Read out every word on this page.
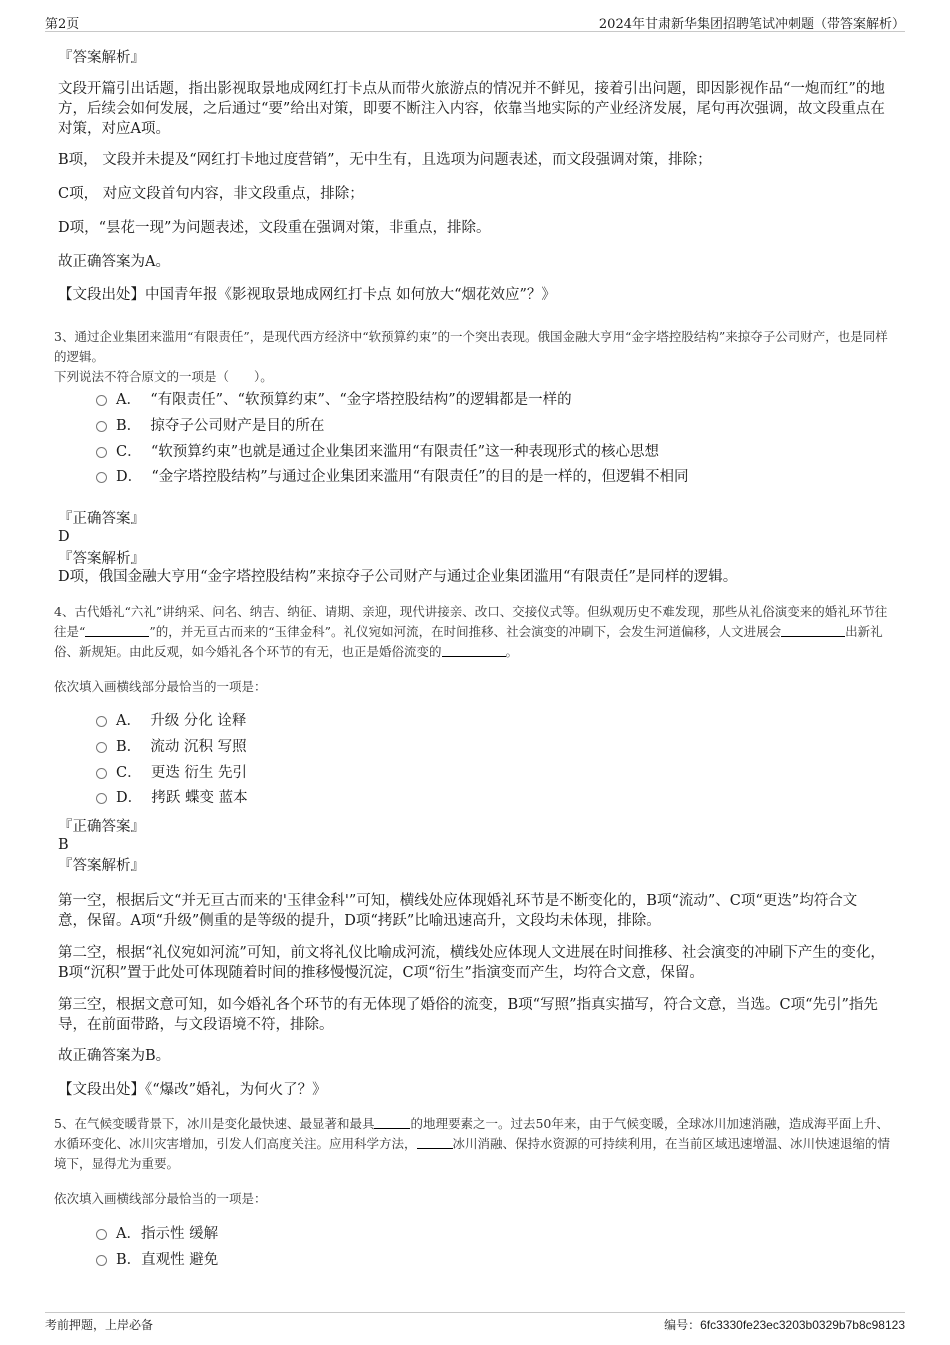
第2页	2024年甘肃新华集团招聘笔试冲刺题（带答案解析）
『答案解析』

文段开篇引出话题，指出影视取景地成网红打卡点从而带火旅游点的情况并不鲜见，接着引出问题，即因影视作品“一炮而红”的地方，后续会如何发展，之后通过“要”给出对策，即要不断注入内容，依靠当地实际的产业经济发展，尾句再次强调，故文段重点在对策，对应A项。

B项， 文段并未提及“网红打卡地过度营销”，无中生有，且选项为问题表述，而文段强调对策，排除；

C项， 对应文段首句内容，非文段重点，排除；

D项，“昙花一现”为问题表述，文段重在强调对策，非重点，排除。

故正确答案为A。

【文段出处】中国青年报《影视取景地成网红打卡点 如何放大“烟花效应”？》

3、通过企业集团来滥用“有限责任”，是现代西方经济中“软预算约束”的一个突出表现。俄国金融大亨用“金字塔控股结构”来掠夺子公司财产，也是同样的逻辑。

下列说法不符合原文的一项是（　　）。

A． “有限责任”、“软预算约束”、“金字塔控股结构”的逻辑都是一样的
B． 掠夺子公司财产是目的所在
C． “软预算约束”也就是通过企业集团来滥用“有限责任”这一种表现形式的核心思想
D． “金字塔控股结构”与通过企业集团来滥用“有限责任”的目的是一样的，但逻辑不相同
『正确答案』
D
『答案解析』

D项，俄国金融大亨用“金字塔控股结构”来掠夺子公司财产与通过企业集团滥用“有限责任”是同样的逻辑。

4、古代婚礼“六礼”讲纳采、问名、纳吉、纳征、请期、亲迎，现代讲接亲、改口、交接仪式等。但纵观历史不难发现，那些从礼俗演变来的婚礼环节往往是“	”的，并无亘古而来的“玉律金科”。礼仪宛如河流，在时间推移、社会演变的冲刷下，会发生河道偏移，人文进展会	出新礼俗、新规矩。由此反观，如今婚礼各个环节的有无，也正是婚俗流变的	。

依次填入画横线部分最恰当的一项是：

A． 升级 分化 诠释
B． 流动 沉积 写照
C． 更迭 衍生 先引
D． 拷跃 蝶变 蓝本
『正确答案』
B
『答案解析』

第一空，根据后文“并无亘古而来的'玉律金科'”可知，横线处应体现婚礼环节是不断变化的，B项“流动”、C项“更迭”均符合文意，保留。A项“升级”侧重的是等级的提升，D项“拷跃”比喻迅速高升，文段均未体现，排除。

第二空，根据“礼仪宛如河流”可知，前文将礼仪比喻成河流，横线处应体现人文进展在时间推移、社会演变的冲刷下产生的变化，B项“沉积”置于此处可体现随着时间的推移慢慢沉淀，C项“衍生”指演变而产生，均符合文意，保留。

第三空，根据文意可知，如今婚礼各个环节的有无体现了婚俗的流变，B项“写照”指真实描写，符合文意，当选。C项“先引”指先导，在前面带路，与文段语境不符，排除。

故正确答案为B。

【文段出处】《“爆改”婚礼，为何火了？》

5、在气候变暖背景下，冰川是变化最快速、最显著和最具	的地理要素之一。过去50年来，由于气候变暖，全球冰川加速消融，造成海平面上升、水循环变化、冰川灾害增加，引发人们高度关注。应用科学方法，	冰川消融、保持水资源的可持续利用，在当前区域迅速增温、冰川快速退缩的情境下，显得尤为重要。

依次填入画横线部分最恰当的一项是：

A．指示性 缓解
B．直观性 避免
考前押题，上岸必备	编号：6fc3330fe23ec3203b0329b7b8c98123
